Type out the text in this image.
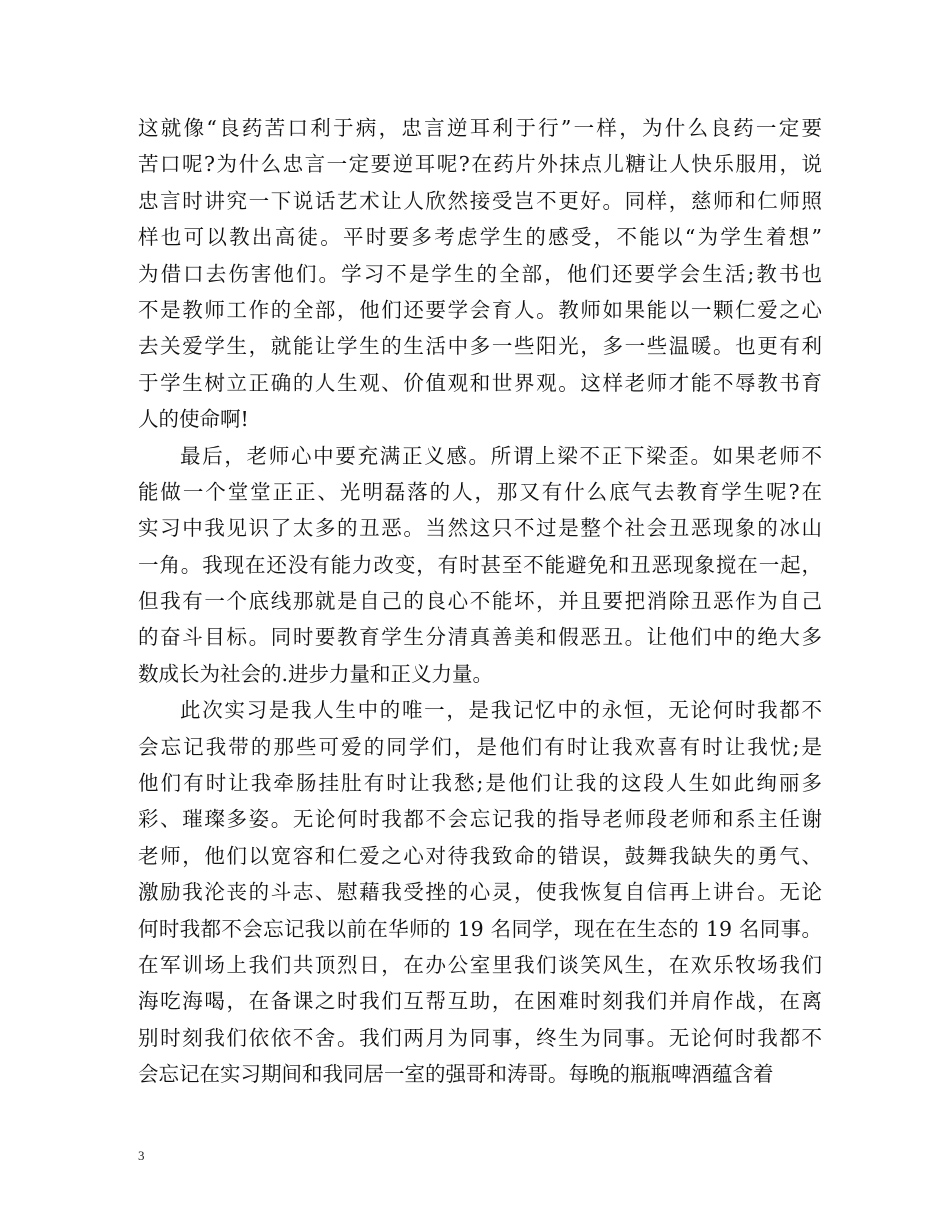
这就像“良药苦口利于病，忠言逆耳利于行”一样，为什么良药一定要
苦口呢?为什么忠言一定要逆耳呢?在药片外抹点儿糖让人快乐服用，说
忠言时讲究一下说话艺术让人欣然接受岂不更好。同样，慈师和仁师照
样也可以教出高徒。平时要多考虑学生的感受，不能以“为学生着想”
为借口去伤害他们。学习不是学生的全部，他们还要学会生活;教书也
不是教师工作的全部，他们还要学会育人。教师如果能以一颗仁爱之心
去关爱学生，就能让学生的生活中多一些阳光，多一些温暖。也更有利
于学生树立正确的人生观、价值观和世界观。这样老师才能不辱教书育
人的使命啊!
最后，老师心中要充满正义感。所谓上梁不正下梁歪。如果老师不
能做一个堂堂正正、光明磊落的人，那又有什么底气去教育学生呢?在
实习中我见识了太多的丑恶。当然这只不过是整个社会丑恶现象的冰山
一角。我现在还没有能力改变，有时甚至不能避免和丑恶现象搅在一起，
但我有一个底线那就是自己的良心不能坏，并且要把消除丑恶作为自己
的奋斗目标。同时要教育学生分清真善美和假恶丑。让他们中的绝大多
数成长为社会的.进步力量和正义力量。
此次实习是我人生中的唯一，是我记忆中的永恒，无论何时我都不
会忘记我带的那些可爱的同学们，是他们有时让我欢喜有时让我忧;是
他们有时让我牵肠挂肚有时让我愁;是他们让我的这段人生如此绚丽多
彩、璀璨多姿。无论何时我都不会忘记我的指导老师段老师和系主任谢
老师，他们以宽容和仁爱之心对待我致命的错误，鼓舞我缺失的勇气、
激励我沦丧的斗志、慰藉我受挫的心灵，使我恢复自信再上讲台。无论
何时我都不会忘记我以前在华师的 19 名同学，现在在生态的 19 名同事。
在军训场上我们共顶烈日，在办公室里我们谈笑风生，在欢乐牧场我们
海吃海喝，在备课之时我们互帮互助，在困难时刻我们并肩作战，在离
别时刻我们依依不舍。我们两月为同事，终生为同事。无论何时我都不
会忘记在实习期间和我同居一室的强哥和涛哥。每晚的瓶瓶啤酒蕴含着
3
